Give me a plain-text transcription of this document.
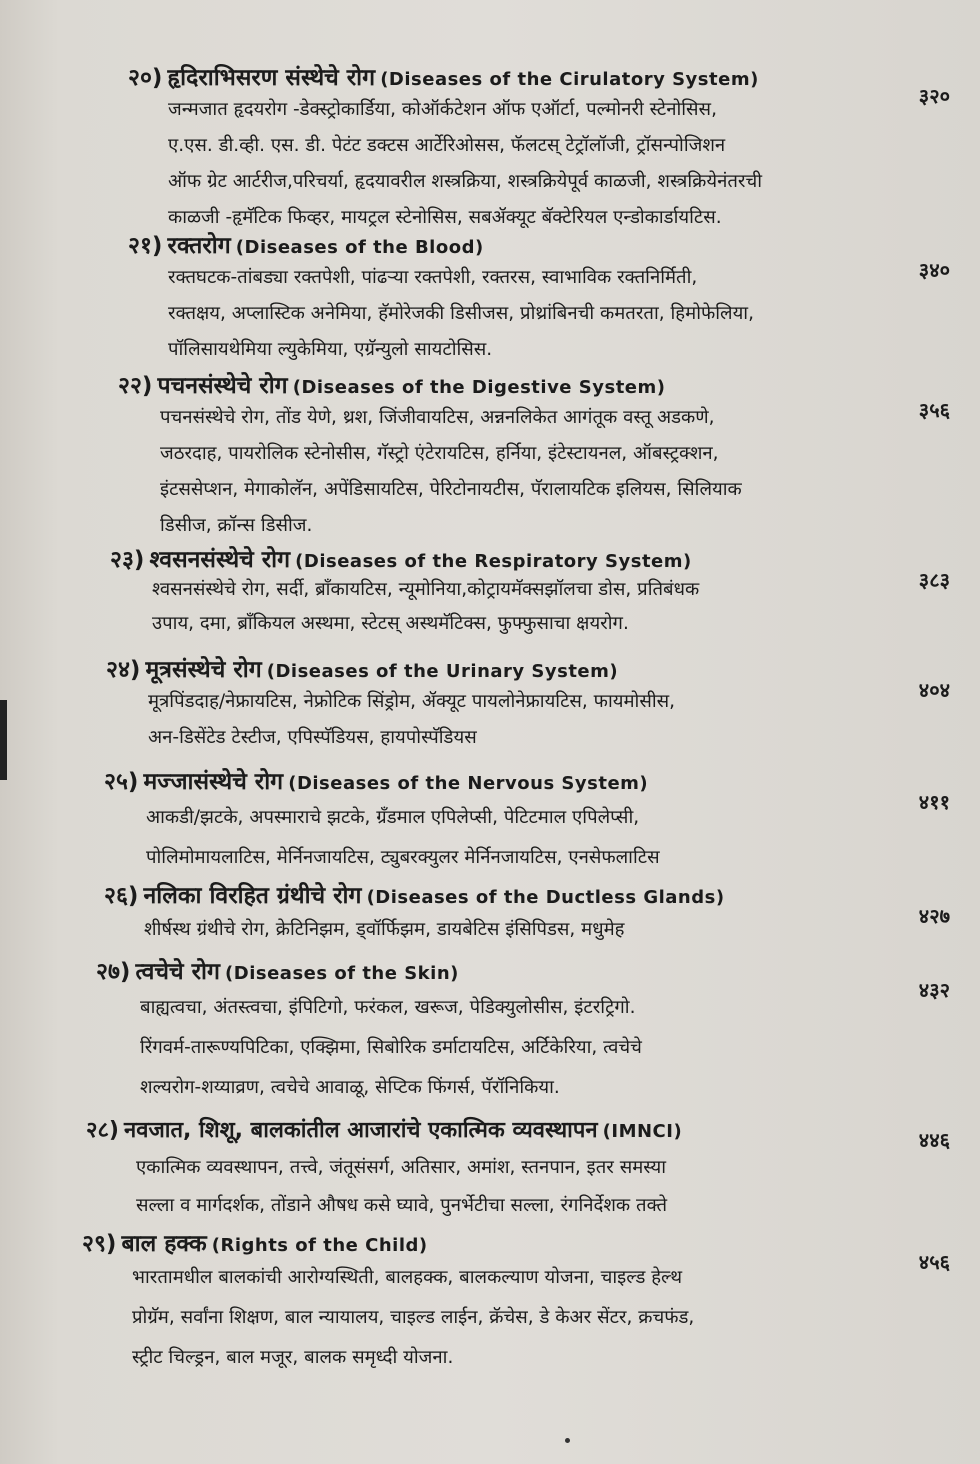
२०) हृदिराभिसरण संस्थेचे रोग (Diseases of the Cirulatory System)
३२०
जन्मजात हृदयरोग -डेक्स्ट्रोकार्डिया, कोऑर्कटेशन ऑफ एऑर्टा, पल्मोनरी स्टेनोसिस,
ए.एस. डी.व्ही. एस. डी. पेटंट डक्टस आर्टेरिओसस, फॅलटस् टेट्रॉलॉजी, ट्रॉसन्पोजिशन
ऑफ ग्रेट आर्टरीज,परिचर्या, हृदयावरील शस्त्रक्रिया, शस्त्रक्रियेपूर्व काळजी, शस्त्रक्रियेनंतरची
काळजी -हृमॅटिक फिव्हर, मायट्रल स्टेनोसिस, सबॲक्यूट बॅक्टेरियल एन्डोकार्डायटिस.
२१) रक्तरोग (Diseases of the Blood)
३४०
रक्तघटक-तांबड्या रक्तपेशी, पांढऱ्या रक्तपेशी, रक्तरस, स्वाभाविक रक्तनिर्मिती,
रक्तक्षय, अप्लास्टिक अनेमिया, हॅमोरेजकी डिसीजस, प्रोथ्रांबिनची कमतरता, हिमोफेलिया,
पॉलिसायथेमिया ल्युकेमिया, एग्रॅन्युलो सायटोसिस.
२२) पचनसंस्थेचे रोग (Diseases of the Digestive System)
३५६
पचनसंस्थेचे रोग, तोंड येणे, थ्रश, जिंजीवायटिस, अन्ननलिकेत आगंतूक वस्तू अडकणे,
जठरदाह, पायरोलिक स्टेनोसीस, गॅस्ट्रो एंटेरायटिस, हर्निया, इंटेस्टायनल, ऑबस्ट्रक्शन,
इंटससेप्शन, मेगाकोलॅन, अपेंडिसायटिस, पेरिटोनायटीस, पॅरालायटिक इलियस, सिलियाक
डिसीज, क्रॉन्स डिसीज.
२३) श्वसनसंस्थेचे रोग (Diseases of the Respiratory System)
३८३
श्वसनसंस्थेचे रोग, सर्दी, ब्रॉंकायटिस, न्यूमोनिया,कोट्रायमॅक्सझॉलचा डोस, प्रतिबंधक
उपाय, दमा, ब्रॉंकियल अस्थमा, स्टेटस् अस्थमॅटिक्स, फुफ्फुसाचा क्षयरोग.
२४) मूत्रसंस्थेचे रोग (Diseases of the Urinary System)
४०४
मूत्रपिंडदाह/नेफ्रायटिस, नेफ्रोटिक सिंड्रोम, ॲक्यूट पायलोनेफ्रायटिस, फायमोसीस,
अन-डिसेंटेड टेस्टीज, एपिस्पॅडियस, हायपोस्पॅडियस
२५) मज्जासंस्थेचे रोग (Diseases of the Nervous System)
४११
आकडी/झटके, अपस्माराचे झटके, ग्रॅंडमाल एपिलेप्सी, पेटिटमाल एपिलेप्सी,
पोलिमोमायलाटिस, मेर्निनजायटिस, ट्युबरक्युलर मेर्निनजायटिस, एनसेफलाटिस
२६) नलिका विरहित ग्रंथीचे रोग (Diseases of the Ductless Glands)
४२७
शीर्षस्थ ग्रंथीचे रोग, क्रेटिनिझम, ड्वॉर्फिझम, डायबेटिस इंसिपिडस, मधुमेह
२७) त्वचेचे रोग (Diseases of the Skin)
४३२
बाह्यत्वचा, अंतस्त्वचा, इंपिटिगो, फरंकल, खरूज, पेडिक्युलोसीस, इंटरट्रिगो.
रिंगवर्म-तारूण्यपिटिका, एक्झिमा, सिबोरिक डर्माटायटिस, अर्टिकेरिया, त्वचेचे
शल्यरोग-शय्याव्रण, त्वचेचे आवाळू, सेप्टिक फिंगर्स, पॅरॉनिकिया.
२८) नवजात, शिशू, बालकांतील आजारांचे एकात्मिक व्यवस्थापन (IMNCI)	४४६
एकात्मिक व्यवस्थापन, तत्त्वे, जंतूसंसर्ग, अतिसार, अमांश, स्तनपान, इतर समस्या
सल्ला व मार्गदर्शक, तोंडाने औषध कसे घ्यावे, पुनर्भेटीचा सल्ला, रंगनिर्देशक तक्ते
२९) बाल हक्क (Rights of the Child)
४५६
भारतामधील बालकांची आरोग्यस्थिती, बालहक्क, बालकल्याण योजना, चाइल्ड हेल्थ
प्रोग्रॅम, सर्वांना शिक्षण, बाल न्यायालय, चाइल्ड लाईन, क्रॅचेस, डे केअर सेंटर, क्रचफंड,
स्ट्रीट चिल्ड्रन, बाल मजूर, बालक समृध्दी योजना.
